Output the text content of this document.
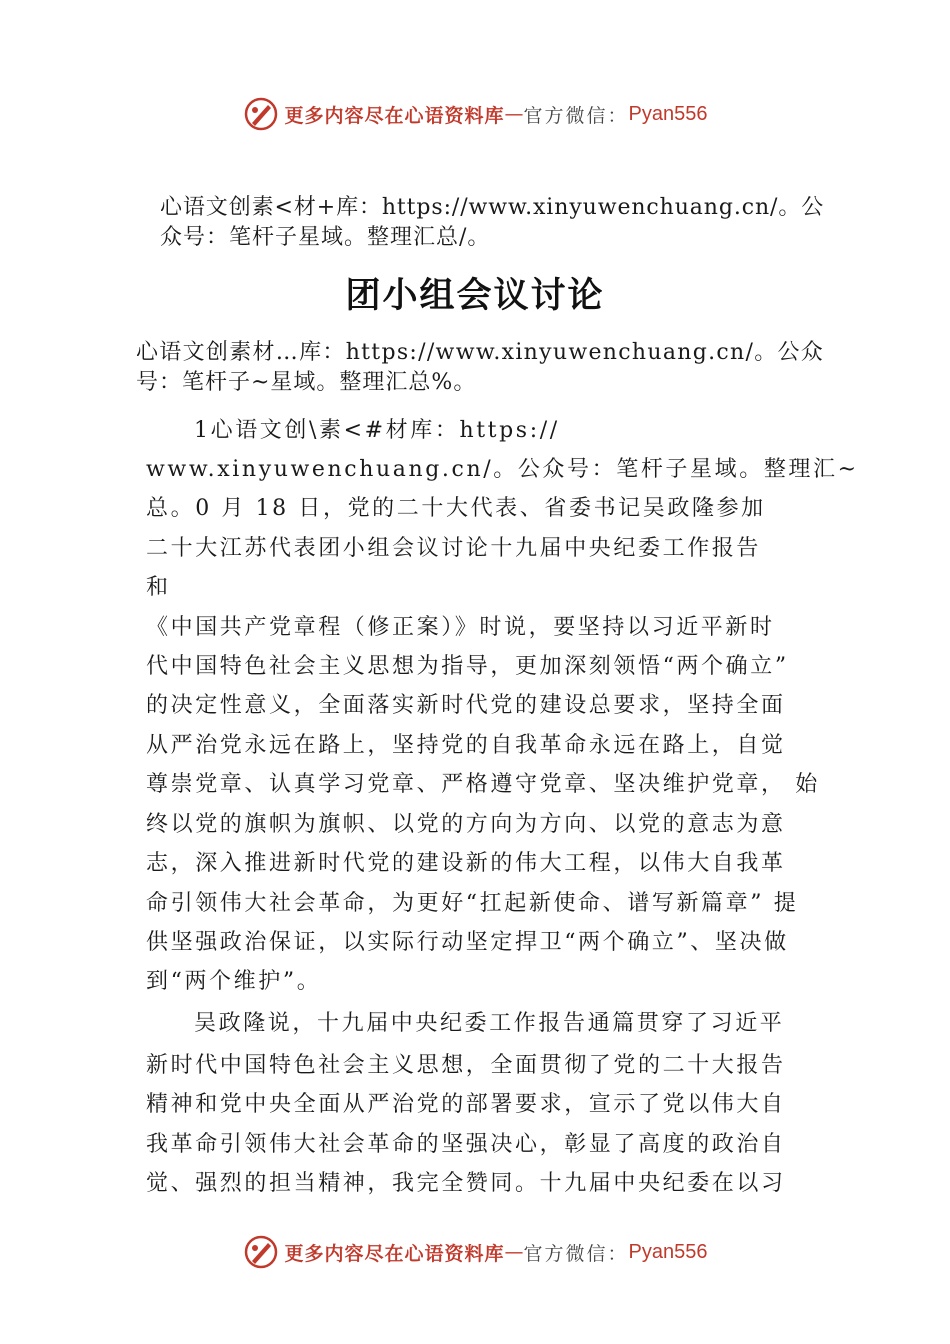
更多内容尽在心语资料库 — 官方微信： Pyan556
心语文创素<材+库：https://www.xinyuwenchuang.cn/。公
众号：笔杆子星域。整理汇总/。
团小组会议讨论
心语文创素材…库：https://www.xinyuwenchuang.cn/。公众
号：笔杆子~星域。整理汇总%。
1心语文创\素<#材库：https://
www.xinyuwenchuang.cn/。公众号：笔杆子星域。整理汇~
总。0 月 18 日，党的二十大代表、省委书记吴政隆参加
二十大江苏代表团小组会议讨论十九届中央纪委工作报告
和
《中国共产党章程（修正案）》时说，要坚持以习近平新时
代中国特色社会主义思想为指导，更加深刻领悟“两个确立”
的决定性意义，全面落实新时代党的建设总要求，坚持全面
从严治党永远在路上，坚持党的自我革命永远在路上，自觉
尊崇党章、认真学习党章、严格遵守党章、坚决维护党章， 始
终以党的旗帜为旗帜、以党的方向为方向、以党的意志为意
志，深入推进新时代党的建设新的伟大工程，以伟大自我革
命引领伟大社会革命，为更好“扛起新使命、谱写新篇章” 提
供坚强政治保证，以实际行动坚定捍卫“两个确立”、坚决做
到“两个维护”。
吴政隆说，十九届中央纪委工作报告通篇贯穿了习近平
新时代中国特色社会主义思想，全面贯彻了党的二十大报告
精神和党中央全面从严治党的部署要求，宣示了党以伟大自
我革命引领伟大社会革命的坚强决心，彰显了高度的政治自
觉、强烈的担当精神，我完全赞同。十九届中央纪委在以习
更多内容尽在心语资料库 — 官方微信： Pyan556
